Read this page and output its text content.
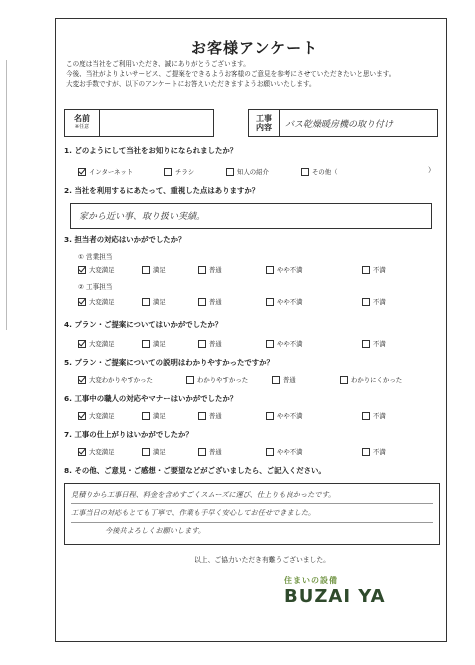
お客様アンケート
この度は当社をご利用いただき、誠にありがとうございます。
今後、当社がよりよいサービス、ご提案をできるようお客様のご意見を参考にさせていただきたいと思います。
大変お手数ですが、以下のアンケートにお答えいただきますようお願いいたします。
名前
※任意
工事内容 バス乾燥暖房機の取り付け
1. どのようにして当社をお知りになられましたか？
インターネット	チラシ	知人の紹介	その他（	）
2. 当社を利用するにあたって、重視した点はありますか？
家から近い事、取り扱い実績。
3. 担当者の対応はいかがでしたか？
① 営業担当
大変満足	満足	普通	やや不満	不満
② 工事担当
大変満足	満足	普通	やや不満	不満
4. プラン・ご提案についてはいかがでしたか？
大変満足	満足	普通	やや不満	不満
5. プラン・ご提案についての説明はわかりやすかったですか？
大変わかりやすかった	わかりやすかった	普通	わかりにくかった
6. 工事中の職人の対応やマナーはいかがでしたか？
大変満足	満足	普通	やや不満	不満
7. 工事の仕上がりはいかがでしたか？
大変満足	満足	普通	やや不満	不満
8. その他、ご意見・ご感想・ご要望などがございましたら、ご記入ください。
見積りから工事日程、料金を含めすごくスムーズに運び、仕上りも良かったです。
工事当日の対応もとても丁寧で、作業も手早く安心してお任せできました。
今後共よろしくお願いします。
以上、ご協力いただき有難うございました。
住まいの設備
BUZAI YA
